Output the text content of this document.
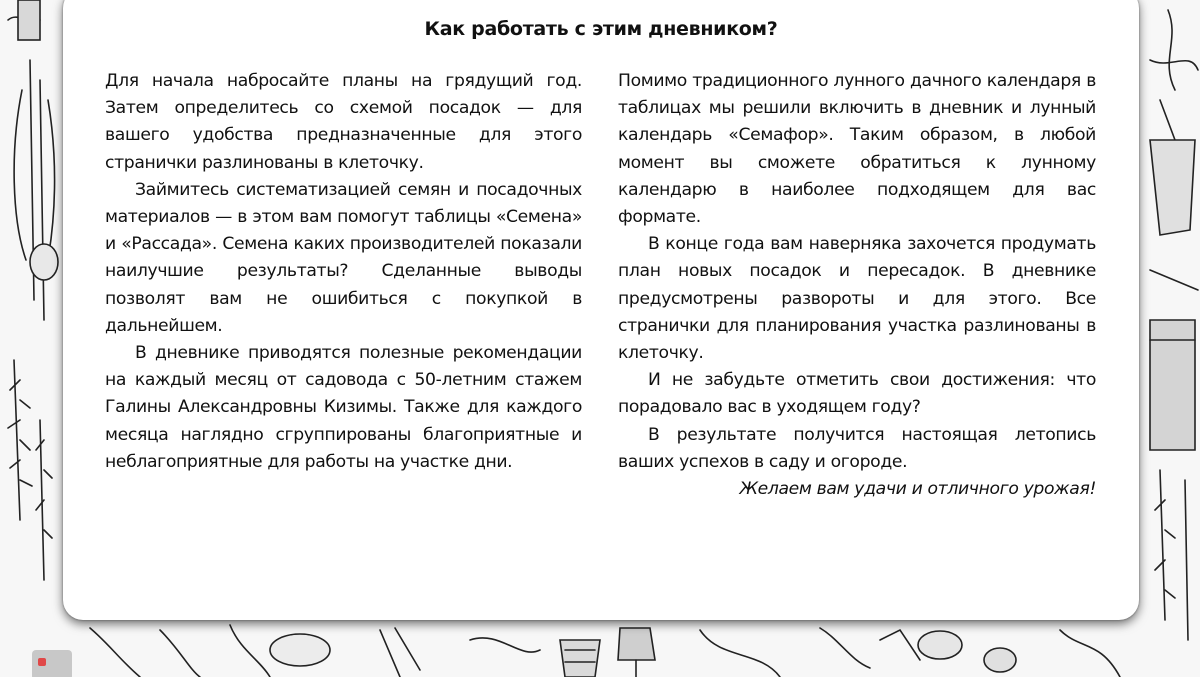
Как работать с этим дневником?

Для начала набросайте планы на грядущий год. Затем определитесь со схемой посадок — для вашего удобства предназначенные для этого странички разлинованы в клеточку.

Займитесь систематизацией семян и посадочных материалов — в этом вам помогут таблицы «Семена» и «Рассада». Семена каких производителей показали наилучшие результаты? Сделанные выводы позволят вам не ошибиться с покупкой в дальнейшем.

В дневнике приводятся полезные рекомендации на каждый месяц от садовода с 50-летним стажем Галины Александровны Кизимы. Также для каждого месяца наглядно сгруппированы благоприятные и неблагоприятные для работы на участке дни.

Помимо традиционного лунного дачного календаря в таблицах мы решили включить в дневник и лунный календарь «Семафор». Таким образом, в любой момент вы сможете обратиться к лунному календарю в наиболее подходящем для вас формате.

В конце года вам наверняка захочется продумать план новых посадок и пересадок. В дневнике предусмотрены развороты и для этого. Все странички для планирования участка разлинованы в клеточку.

И не забудьте отметить свои достижения: что порадовало вас в уходящем году?

В результате получится настоящая летопись ваших успехов в саду и огороде.

Желаем вам удачи и отличного урожая!
